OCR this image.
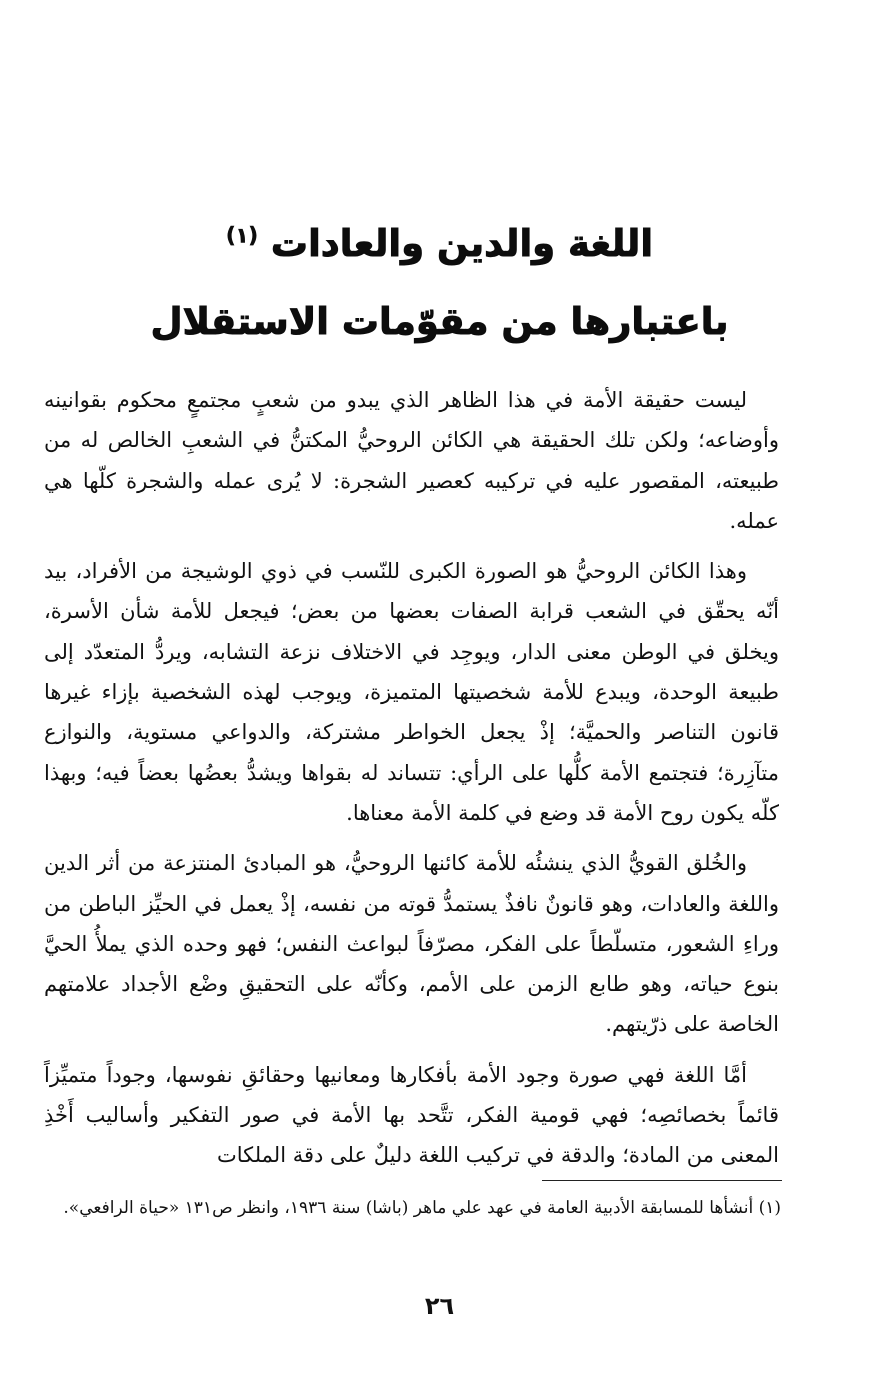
اللغة والدين والعادات $^{(١)}$
باعتبارها من مقوّمات الاستقلال

ليست حقيقة الأمة في هذا الظاهر الذي يبدو من شعبٍ مجتمعٍ محكوم بقوانينه وأوضاعه؛ ولكن تلك الحقيقة هي الكائن الروحيُّ المكتنُّ في الشعبِ الخالص له من طبيعته، المقصور عليه في تركيبه كعصير الشجرة: لا يُرى عمله والشجرة كلّها هي عمله.

وهذا الكائن الروحيُّ هو الصورة الكبرى للنّسب في ذوي الوشيجة من الأفراد، بيد أنّه يحقّق في الشعب قرابة الصفات بعضها من بعض؛ فيجعل للأمة شأن الأسرة، ويخلق في الوطن معنى الدار، ويوجِد في الاختلاف نزعة التشابه، ويردُّ المتعدّد إلى طبيعة الوحدة، ويبدع للأمة شخصيتها المتميزة، ويوجب لهذه الشخصية بإزاء غيرها قانون التناصر والحميَّة؛ إذْ يجعل الخواطر مشتركة، والدواعي مستوية، والنوازع متآزِرة؛ فتجتمع الأمة كلُّها على الرأي: تتساند له بقواها ويشدُّ بعضُها بعضاً فيه؛ وبهذا كلّه يكون روح الأمة قد وضع في كلمة الأمة معناها.

والخُلق القويُّ الذي ينشئُه للأمة كائنها الروحيُّ، هو المبادئ المنتزعة من أثر الدين واللغة والعادات، وهو قانونٌ نافذٌ يستمدُّ قوته من نفسه، إذْ يعمل في الحيِّز الباطن من وراءِ الشعور، متسلّطاً على الفكر، مصرّفاً لبواعث النفس؛ فهو وحده الذي يملأُ الحيَّ بنوع حياته، وهو طابع الزمن على الأمم، وكأنّه على التحقيقِ وضْع الأجداد علامتهم الخاصة على ذرّيتهم.

أمَّا اللغة فهي صورة وجود الأمة بأفكارها ومعانيها وحقائقِ نفوسها، وجوداً متميِّزاً قائماً بخصائصِه؛ فهي قومية الفكر، تتَّحد بها الأمة في صور التفكير وأساليب أَخْذِ المعنى من المادة؛ والدقة في تركيب اللغة دليلٌ على دقة الملكات

(١) أنشأها للمسابقة الأدبية العامة في عهد علي ماهر (باشا) سنة ١٩٣٦، وانظر ص١٣١ «حياة الرافعي».
٢٦
